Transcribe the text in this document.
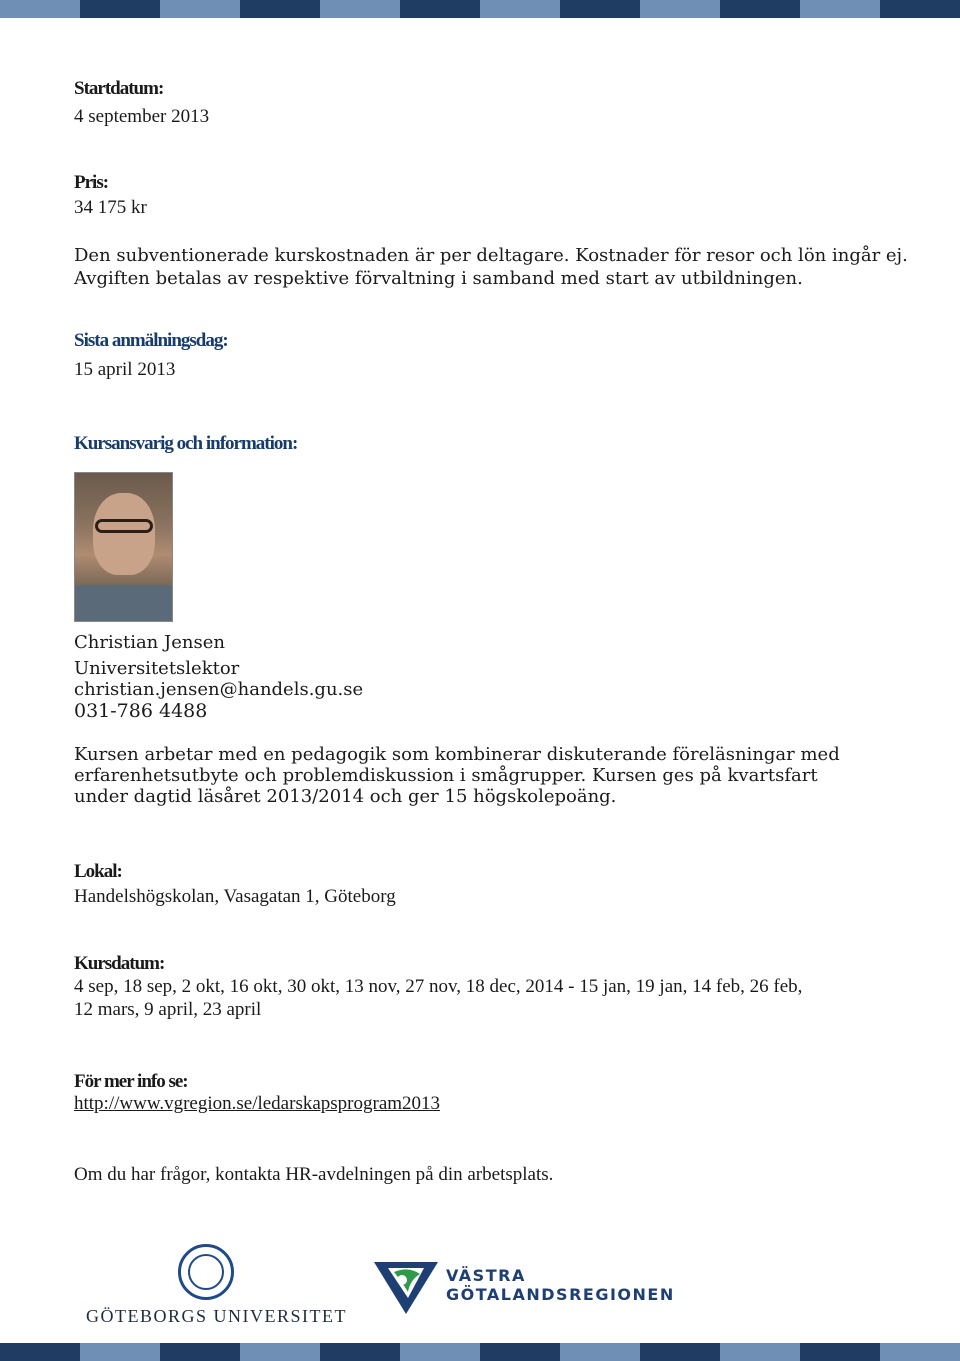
Startdatum:
4 september 2013
Pris:
34 175 kr
Den subventionerade kurskostnaden är per deltagare. Kostnader för resor och lön ingår ej.
Avgiften betalas av respektive förvaltning i samband med start av utbildningen.
Sista anmälningsdag:
15 april 2013
Kursansvarig och information:
Christian Jensen
Universitetslektor
christian.jensen@handels.gu.se
031-786 4488
Kursen arbetar med en pedagogik som kombinerar diskuterande föreläsningar med
erfarenhetsutbyte och problemdiskussion i smågrupper. Kursen ges på kvartsfart
under dagtid läsåret 2013/2014 och ger 15 högskolepoäng.
Lokal:
Handelshögskolan, Vasagatan 1, Göteborg
Kursdatum:
4 sep, 18 sep, 2 okt, 16 okt, 30 okt, 13 nov, 27 nov, 18 dec, 2014 - 15 jan, 19 jan, 14 feb, 26 feb,
12 mars, 9 april, 23 april
För mer info se:
http://www.vgregion.se/ledarskapsprogram2013
Om du har frågor, kontakta HR-avdelningen på din arbetsplats.
GÖTEBORGS UNIVERSITET
VÄSTRA
GÖTALANDSREGIONEN
